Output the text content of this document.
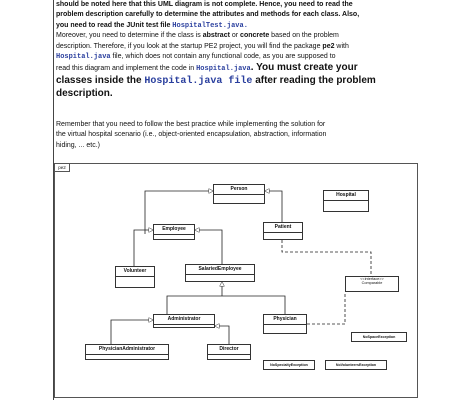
should be noted here that this UML diagram is not complete. Hence, you need to read the
problem description carefully to determine the attributes and methods for each class. Also,
you need to read the JUnit test file HospitalTest.java.
Moreover, you need to determine if the class is abstract or concrete based on the problem
description. Therefore, if you look at the startup PE2 project, you will find the package pe2 with
Hospital.java file, which does not contain any functional code, as you are supposed to
read this diagram and implement the code in Hospital.java. You must create your
classes inside the Hospital.java file after reading the problem
description.
Remember that you need to follow the best practice while implementing the solution for
the virtual hospital scenario (i.e., object-oriented encapsulation, abstraction, information
hiding, ... etc.)
pe2
Person
Hospital
Patient
Employee
Volunteer	SalariedEmployee
<<interface>>
Comparable
Administrator	Physician
NoSpaceException
PhysicianAdministrator	Director
NoSpecialtyException	NoVolunteersException
